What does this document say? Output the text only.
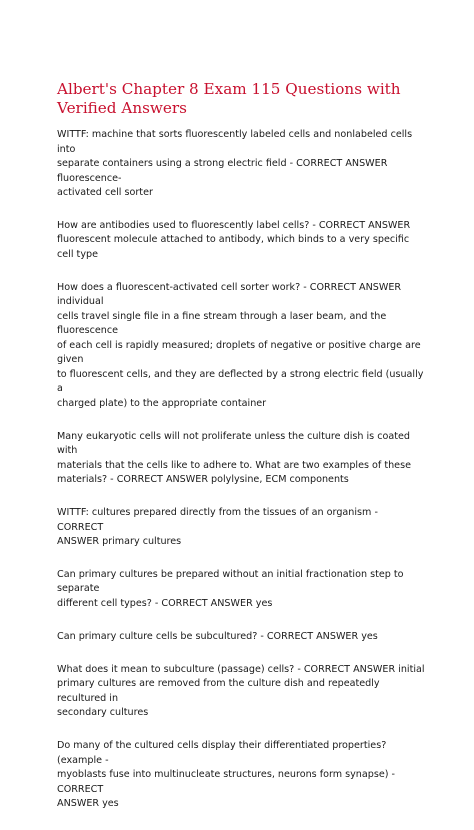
Albert's Chapter 8 Exam 115 Questions with Verified Answers
WITTF: machine that sorts fluorescently labeled cells and nonlabeled cells into
separate containers using a strong electric field - CORRECT ANSWER fluorescence-
activated cell sorter
How are antibodies used to fluorescently label cells? - CORRECT ANSWER
fluorescent molecule attached to antibody, which binds to a very specific cell type
How does a fluorescent-activated cell sorter work? - CORRECT ANSWER individual
cells travel single file in a fine stream through a laser beam, and the fluorescence
of each cell is rapidly measured; droplets of negative or positive charge are given
to fluorescent cells, and they are deflected by a strong electric field (usually a
charged plate) to the appropriate container
Many eukaryotic cells will not proliferate unless the culture dish is coated with
materials that the cells like to adhere to. What are two examples of these
materials? - CORRECT ANSWER polylysine, ECM components
WITTF: cultures prepared directly from the tissues of an organism - CORRECT
ANSWER primary cultures
Can primary cultures be prepared without an initial fractionation step to separate
different cell types? - CORRECT ANSWER yes
Can primary culture cells be subcultured? - CORRECT ANSWER yes
What does it mean to subculture (passage) cells? - CORRECT ANSWER initial
primary cultures are removed from the culture dish and repeatedly recultured in
secondary cultures
Do many of the cultured cells display their differentiated properties? (example -
myoblasts fuse into multinucleate structures, neurons form synapse) - CORRECT
ANSWER yes
